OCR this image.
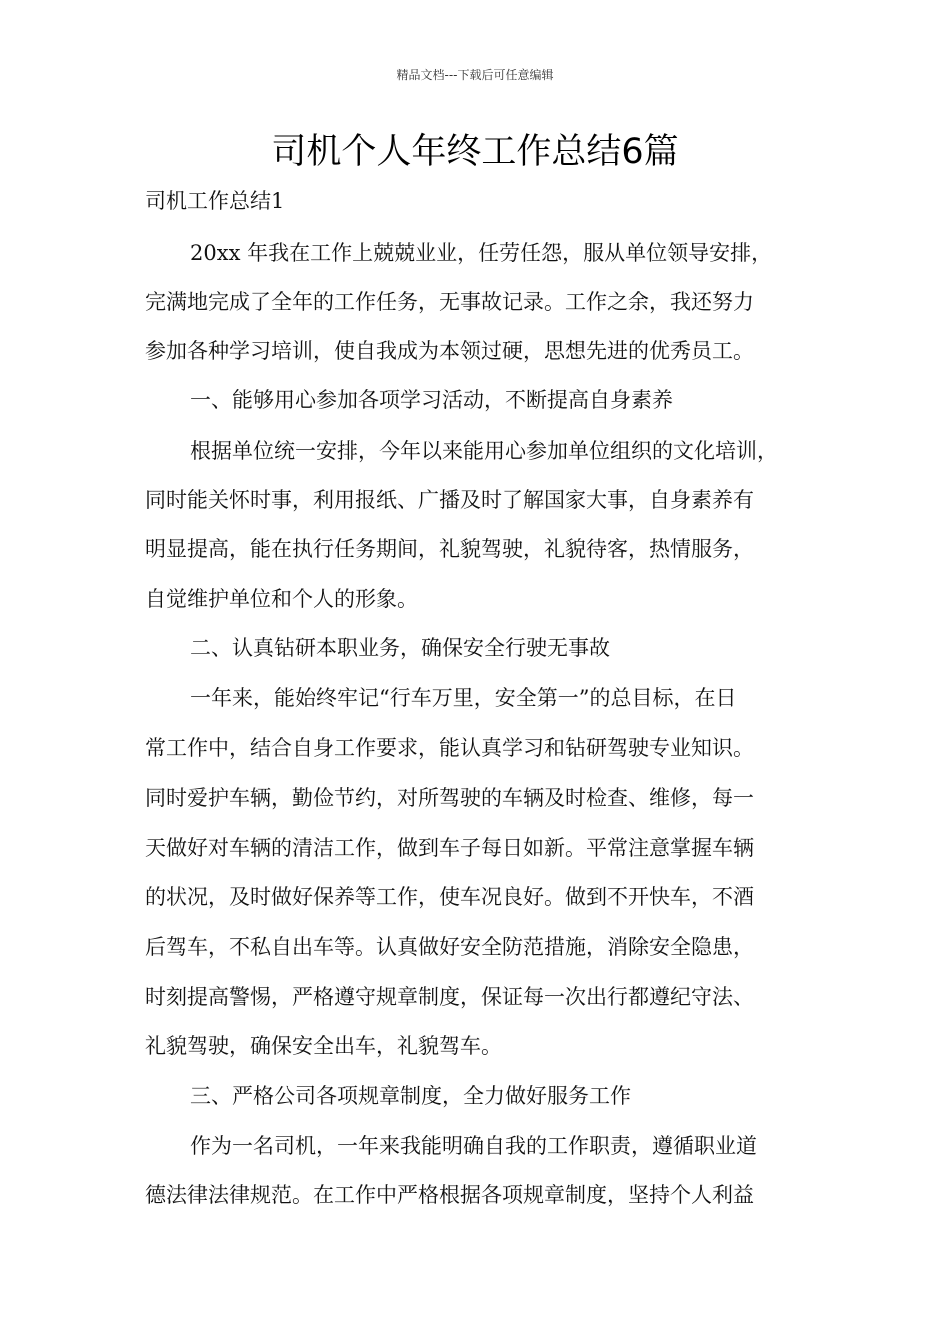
精品文档---下载后可任意编辑
司机个人年终工作总结6篇
司机工作总结1
20xx 年我在工作上兢兢业业，任劳任怨，服从单位领导安排，
完满地完成了全年的工作任务，无事故记录。工作之余，我还努力
参加各种学习培训，使自我成为本领过硬，思想先进的优秀员工。
一、能够用心参加各项学习活动，不断提高自身素养
根据单位统一安排，今年以来能用心参加单位组织的文化培训，
同时能关怀时事，利用报纸、广播及时了解国家大事，自身素养有
明显提高，能在执行任务期间，礼貌驾驶，礼貌待客，热情服务，
自觉维护单位和个人的形象。
二、认真钻研本职业务，确保安全行驶无事故
一年来，能始终牢记“行车万里，安全第一”的总目标，在日
常工作中，结合自身工作要求，能认真学习和钻研驾驶专业知识。
同时爱护车辆，勤俭节约，对所驾驶的车辆及时检查、维修，每一
天做好对车辆的清洁工作，做到车子每日如新。平常注意掌握车辆
的状况，及时做好保养等工作，使车况良好。做到不开快车，不酒
后驾车，不私自出车等。认真做好安全防范措施，消除安全隐患，
时刻提高警惕，严格遵守规章制度，保证每一次出行都遵纪守法、
礼貌驾驶，确保安全出车，礼貌驾车。
三、严格公司各项规章制度，全力做好服务工作
作为一名司机，一年来我能明确自我的工作职责，遵循职业道
德法律法律规范。在工作中严格根据各项规章制度，坚持个人利益
